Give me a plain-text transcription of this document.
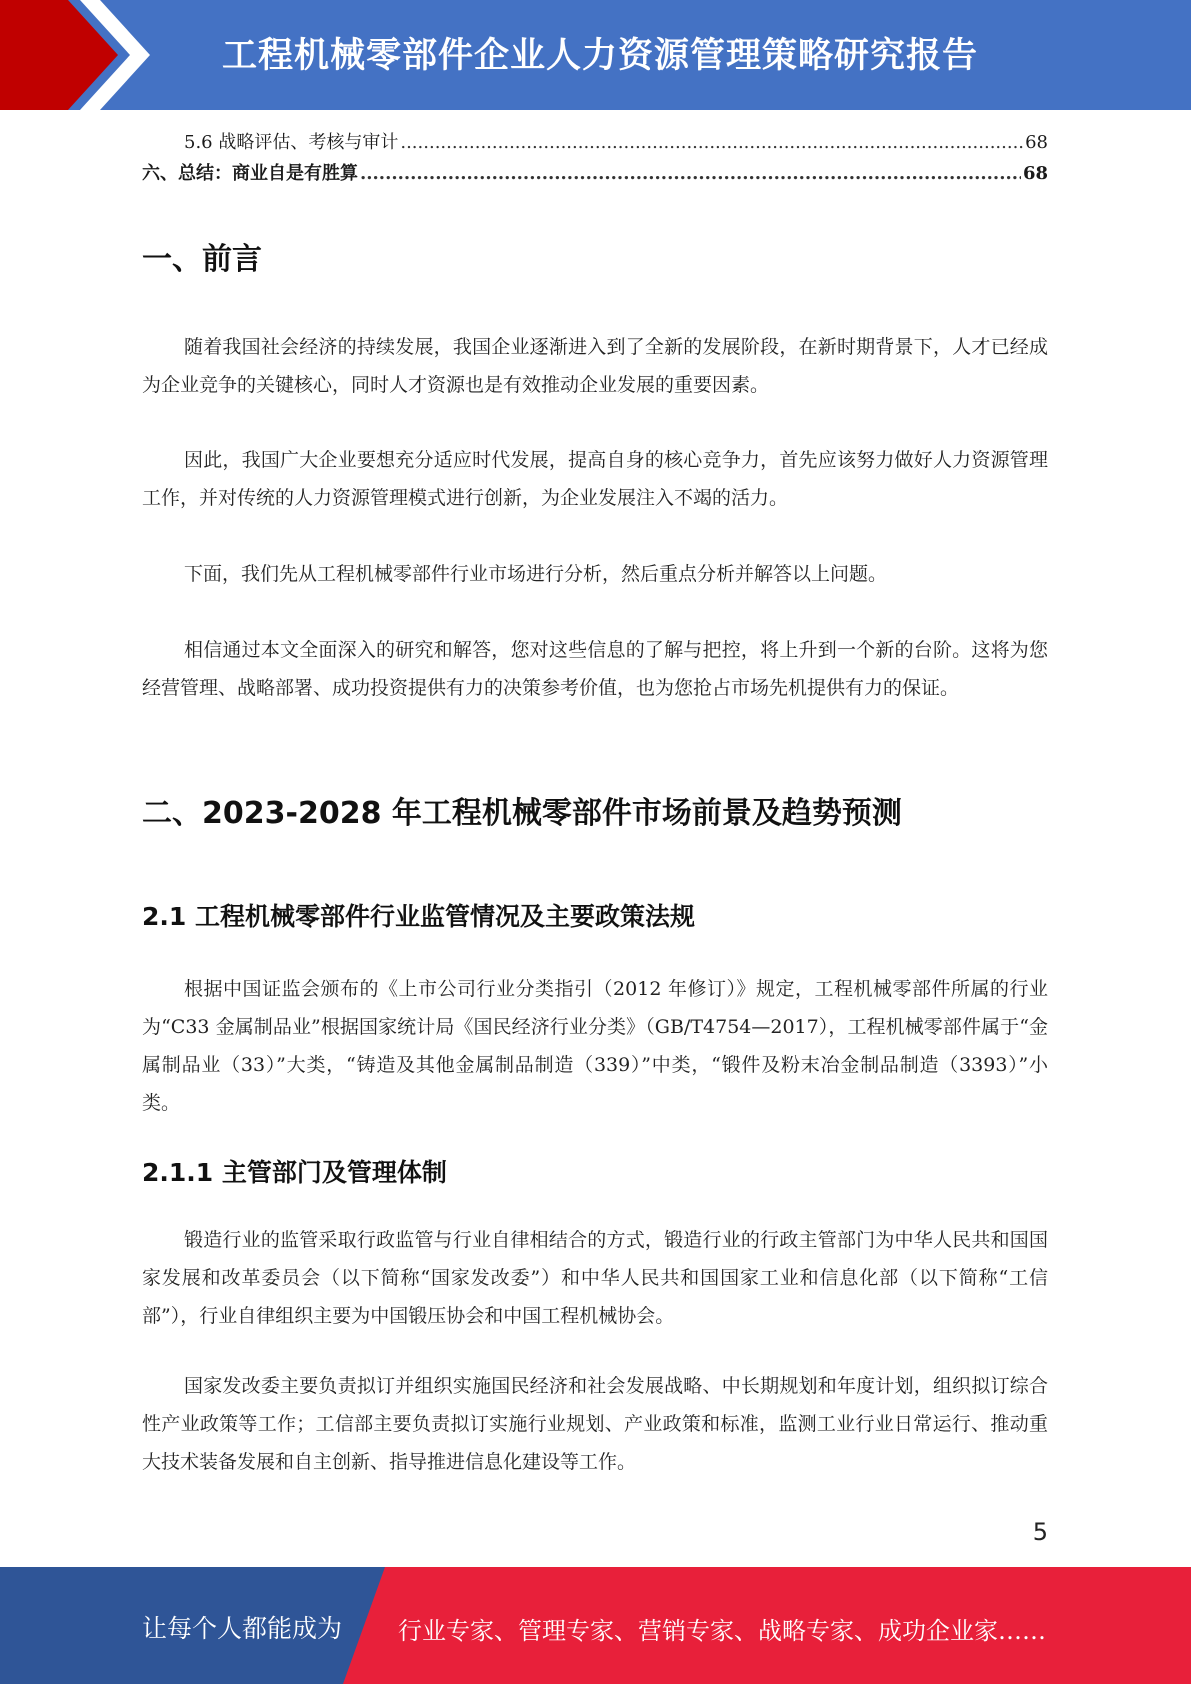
工程机械零部件企业人力资源管理策略研究报告
5.6 战略评估、考核与审计 .....	68
六、总结：商业自是有胜算 .....	68
一、前言
随着我国社会经济的持续发展，我国企业逐渐进入到了全新的发展阶段，在新时期背景下，人才已经成为企业竞争的关键核心，同时人才资源也是有效推动企业发展的重要因素。
因此，我国广大企业要想充分适应时代发展，提高自身的核心竞争力，首先应该努力做好人力资源管理工作，并对传统的人力资源管理模式进行创新，为企业发展注入不竭的活力。
下面，我们先从工程机械零部件行业市场进行分析，然后重点分析并解答以上问题。
相信通过本文全面深入的研究和解答，您对这些信息的了解与把控，将上升到一个新的台阶。这将为您经营管理、战略部署、成功投资提供有力的决策参考价值，也为您抢占市场先机提供有力的保证。
二、2023-2028 年工程机械零部件市场前景及趋势预测
2.1 工程机械零部件行业监管情况及主要政策法规
根据中国证监会颁布的《上市公司行业分类指引（2012 年修订）》规定，工程机械零部件所属的行业为“C33 金属制品业”根据国家统计局《国民经济行业分类》（GB/T4754—2017），工程机械零部件属于“金属制品业（33）”大类，“铸造及其他金属制品制造（339）”中类，“锻件及粉末冶金制品制造（3393）”小类。
2.1.1 主管部门及管理体制
锻造行业的监管采取行政监管与行业自律相结合的方式，锻造行业的行政主管部门为中华人民共和国国家发展和改革委员会（以下简称“国家发改委”）和中华人民共和国国家工业和信息化部（以下简称“工信部”），行业自律组织主要为中国锻压协会和中国工程机械协会。
国家发改委主要负责拟订并组织实施国民经济和社会发展战略、中长期规划和年度计划，组织拟订综合性产业政策等工作；工信部主要负责拟订实施行业规划、产业政策和标准，监测工业行业日常运行、推动重大技术装备发展和自主创新、指导推进信息化建设等工作。
5
让每个人都能成为 行业专家、管理专家、营销专家、战略专家、成功企业家……
